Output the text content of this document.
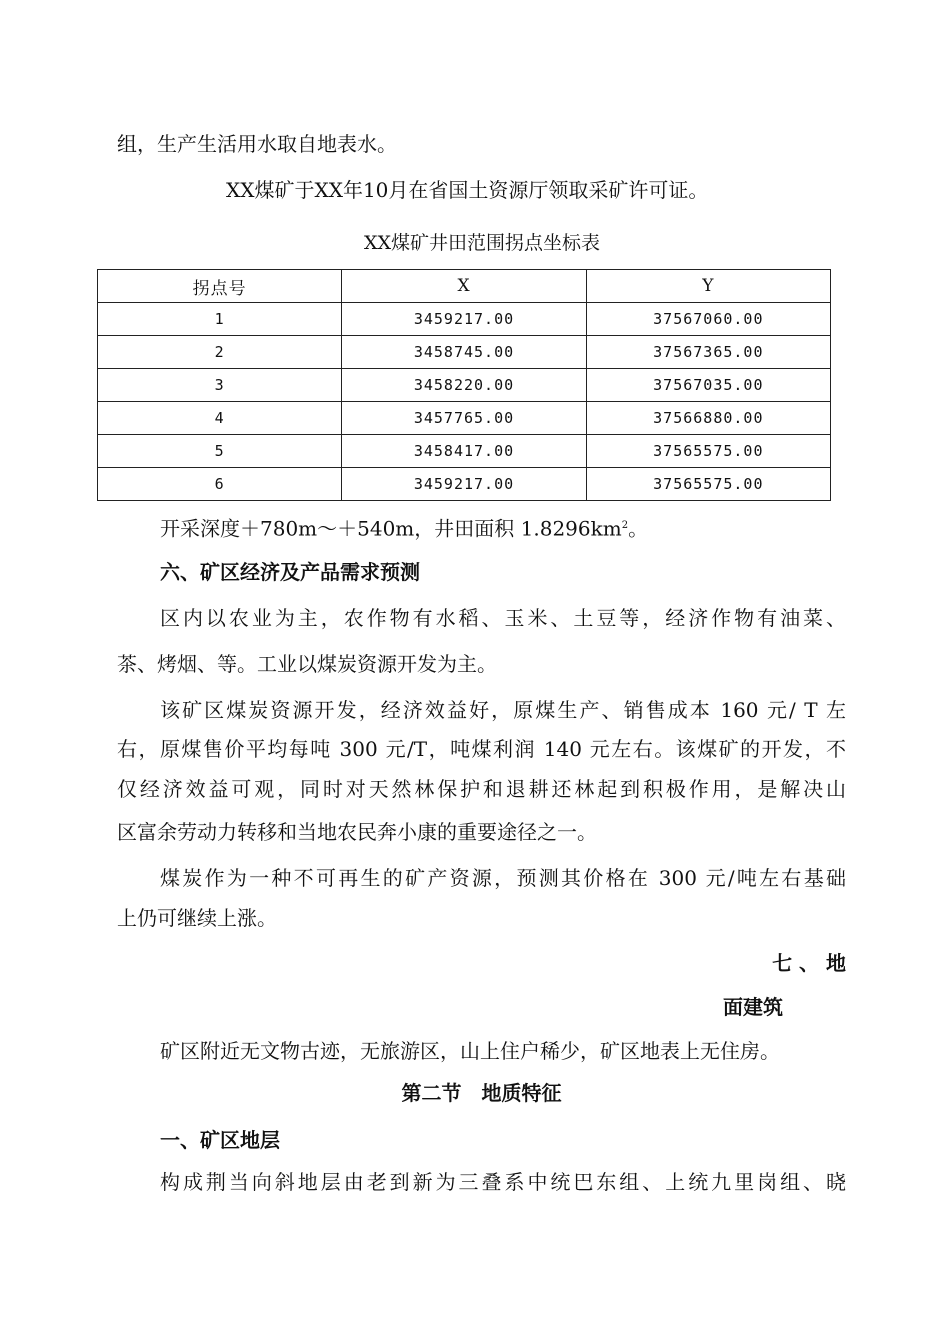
组，生产生活用水取自地表水。
XX煤矿于XX年10月在省国土资源厅领取采矿许可证。
XX煤矿井田范围拐点坐标表
拐点号	X	Y
1	3459217.00	37567060.00
2	3458745.00	37567365.00
3	3458220.00	37567035.00
4	3457765.00	37566880.00
5	3458417.00	37565575.00
6	3459217.00	37565575.00
开采深度＋780m～＋540m，井田面积 $1.8296km^2$。
六、矿区经济及产品需求预测
区内以农业为主，农作物有水稻、玉米、土豆等，经济作物有油菜、
茶、烤烟、等。工业以煤炭资源开发为主。
该矿区煤炭资源开发，经济效益好，原煤生产、销售成本 160 元/ T 左
右，原煤售价平均每吨 300 元/T，吨煤利润 140 元左右。该煤矿的开发，不
仅经济效益可观，同时对天然林保护和退耕还林起到积极作用，是解决山
区富余劳动力转移和当地农民奔小康的重要途径之一。
煤炭作为一种不可再生的矿产资源，预测其价格在 300 元/吨左右基础
上仍可继续上涨。
七 、 地
面建筑
矿区附近无文物古迹，无旅游区，山上住户稀少，矿区地表上无住房。
第二节　地质特征
一、矿区地层
构成荆当向斜地层由老到新为三叠系中统巴东组、上统九里岗组、晓
